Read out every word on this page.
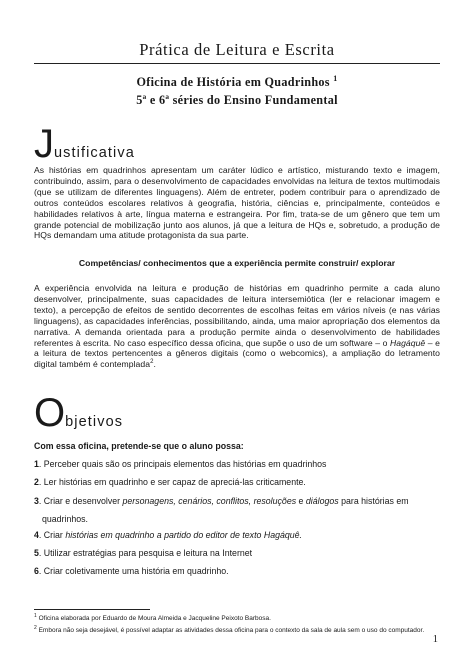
Prática de Leitura e Escrita
Oficina de História em Quadrinhos $^1$
5ª e 6ª séries do Ensino Fundamental
Justificativa
As histórias em quadrinhos apresentam um caráter lúdico e artístico, misturando texto e imagem, contribuindo, assim, para o desenvolvimento de capacidades envolvidas na leitura de textos multimodais (que se utilizam de diferentes linguagens). Além de entreter, podem contribuir para o aprendizado de outros conteúdos escolares relativos à geografia, história, ciências e, principalmente, conteúdos e habilidades relativos à arte, língua materna e estrangeira. Por fim, trata-se de um gênero que tem um grande potencial de mobilização junto aos alunos, já que a leitura de HQs e, sobretudo, a produção de HQs demandam uma atitude protagonista da sua parte.
Competências/ conhecimentos que a experiência permite construir/ explorar
A experiência envolvida na leitura e produção de histórias em quadrinho permite a cada aluno desenvolver, principalmente, suas capacidades de leitura intersemiótica (ler e relacionar imagem e texto), a percepção de efeitos de sentido decorrentes de escolhas feitas em vários níveis (e nas várias linguagens), as capacidades inferências, possibilitando, ainda, uma maior apropriação dos elementos da narrativa. A demanda orientada para a produção permite ainda o desenvolvimento de habilidades referentes à escrita. No caso específico dessa oficina, que supõe o uso de um software – o Hagáquê – e a leitura de textos pertencentes a gêneros digitais (como o webcomics), a ampliação do letramento digital também é contemplada$^2$.
Objetivos
Com essa oficina, pretende-se que o aluno possa:
1. Perceber quais são os principais elementos das histórias em quadrinhos
2. Ler histórias em quadrinho e ser capaz de apreciá-las criticamente.
3. Criar e desenvolver personagens, cenários, conflitos, resoluções e diálogos para histórias em
quadrinhos.
4. Criar histórias em quadrinho a partido do editor de texto Hagáquê.
5. Utilizar estratégias para pesquisa e leitura na Internet
6. Criar coletivamente uma história em quadrinho.
$^1$ Oficina elaborada por Eduardo de Moura Almeida e Jacqueline Peixoto Barbosa.
$^2$ Embora não seja desejável, é possível adaptar as atividades dessa oficina para o contexto da sala de aula sem o uso do computador.
1
